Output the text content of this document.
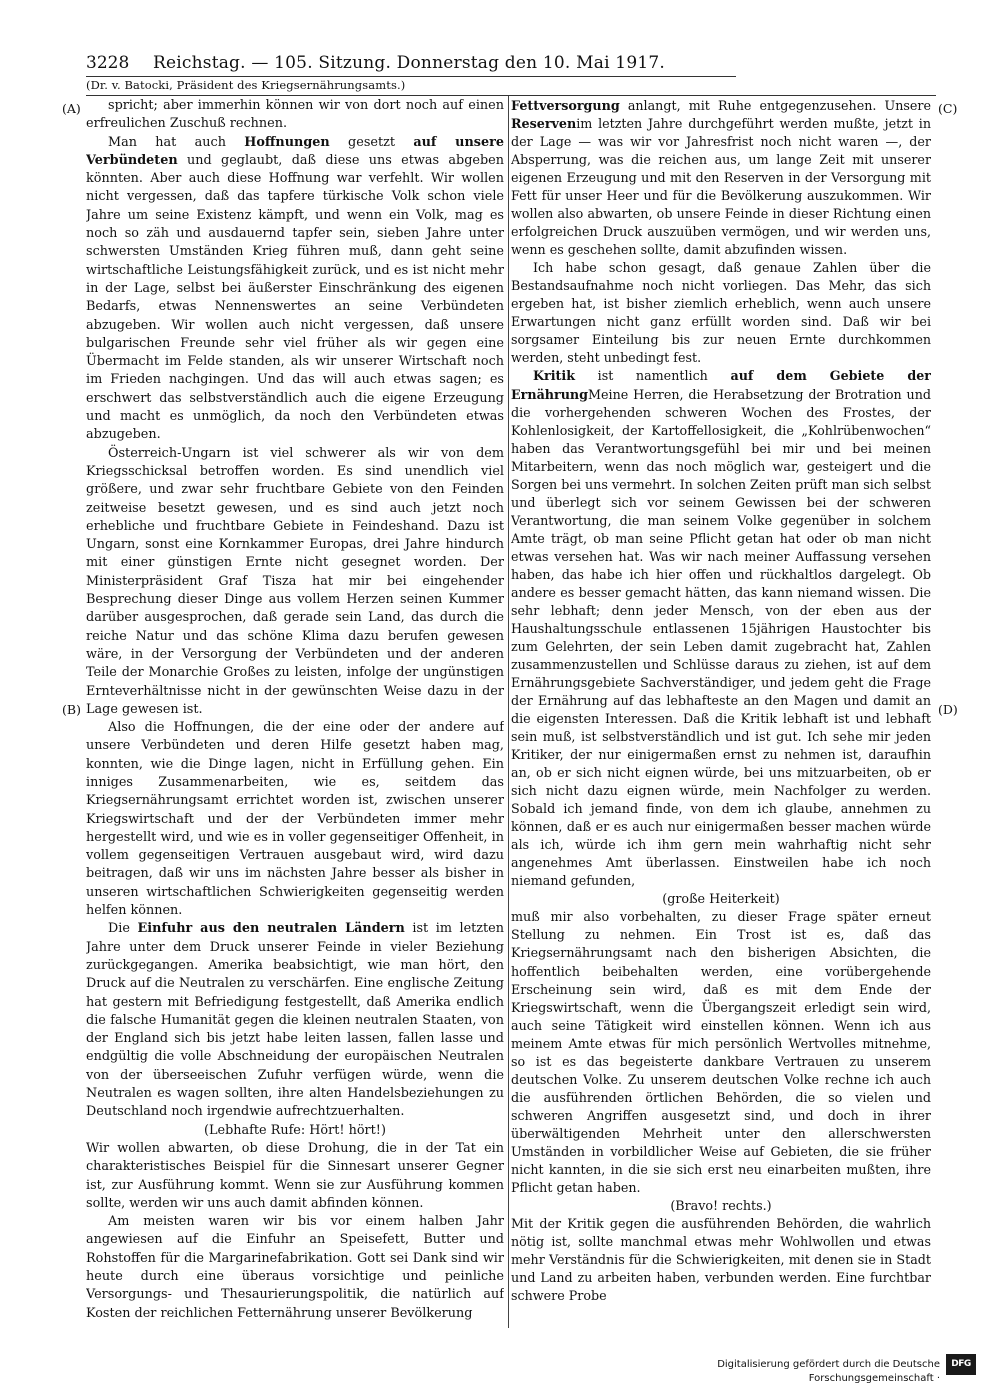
3228	Reichstag. — 105. Sitzung. Donnerstag den 10. Mai 1917.
(Dr. v. Batocki, Präsident des Kriegsernährungsamts.)
(A)
(B)
(C)
(D)

spricht; aber immerhin können wir von dort noch auf einen erfreulichen Zuschuß rechnen.

Man hat auch Hoffnungen gesetzt auf unsere Verbündeten und geglaubt, daß diese uns etwas abgeben könnten. Aber auch diese Hoffnung war verfehlt. Wir wollen nicht vergessen, daß das tapfere türkische Volk schon viele Jahre um seine Existenz kämpft, und wenn ein Volk, mag es noch so zäh und ausdauernd tapfer sein, sieben Jahre unter schwersten Umständen Krieg führen muß, dann geht seine wirtschaftliche Leistungsfähigkeit zurück, und es ist nicht mehr in der Lage, selbst bei äußerster Einschränkung des eigenen Bedarfs, etwas Nennenswertes an seine Verbündeten abzugeben. Wir wollen auch nicht vergessen, daß unsere bulgarischen Freunde sehr viel früher als wir gegen eine Übermacht im Felde standen, als wir unserer Wirtschaft noch im Frieden nachgingen. Und das will auch etwas sagen; es erschwert das selbstverständlich auch die eigene Erzeugung und macht es unmöglich, da noch den Verbündeten etwas abzugeben.

Österreich-Ungarn ist viel schwerer als wir von dem Kriegsschicksal betroffen worden. Es sind unendlich viel größere, und zwar sehr fruchtbare Gebiete von den Feinden zeitweise besetzt gewesen, und es sind auch jetzt noch erhebliche und fruchtbare Gebiete in Feindeshand. Dazu ist Ungarn, sonst eine Kornkammer Europas, drei Jahre hindurch mit einer günstigen Ernte nicht gesegnet worden. Der Ministerpräsident Graf Tisza hat mir bei eingehender Besprechung dieser Dinge aus vollem Herzen seinen Kummer darüber ausgesprochen, daß gerade sein Land, das durch die reiche Natur und das schöne Klima dazu berufen gewesen wäre, in der Versorgung der Verbündeten und der anderen Teile der Monarchie Großes zu leisten, infolge der ungünstigen Ernteverhältnisse nicht in der gewünschten Weise dazu in der Lage gewesen ist.

Also die Hoffnungen, die der eine oder der andere auf unsere Verbündeten und deren Hilfe gesetzt haben mag, konnten, wie die Dinge lagen, nicht in Erfüllung gehen. Ein inniges Zusammenarbeiten, wie es, seitdem das Kriegsernährungsamt errichtet worden ist, zwischen unserer Kriegswirtschaft und der der Verbündeten immer mehr hergestellt wird, und wie es in voller gegenseitiger Offenheit, in vollem gegenseitigen Vertrauen ausgebaut wird, wird dazu beitragen, daß wir uns im nächsten Jahre besser als bisher in unseren wirtschaftlichen Schwierigkeiten gegenseitig werden helfen können.

Die Einfuhr aus den neutralen Ländern ist im letzten Jahre unter dem Druck unserer Feinde in vieler Beziehung zurückgegangen. Amerika beabsichtigt, wie man hört, den Druck auf die Neutralen zu verschärfen. Eine englische Zeitung hat gestern mit Befriedigung festgestellt, daß Amerika endlich die falsche Humanität gegen die kleinen neutralen Staaten, von der England sich bis jetzt habe leiten lassen, fallen lasse und endgültig die volle Abschneidung der europäischen Neutralen von der überseeischen Zufuhr verfügen würde, wenn die Neutralen es wagen sollten, ihre alten Handelsbeziehungen zu Deutschland noch irgendwie aufrechtzuerhalten.

(Lebhafte Rufe: Hört! hört!)

Wir wollen abwarten, ob diese Drohung, die in der Tat ein charakteristisches Beispiel für die Sinnesart unserer Gegner ist, zur Ausführung kommt. Wenn sie zur Ausführung kommen sollte, werden wir uns auch damit abfinden können.

Am meisten waren wir bis vor einem halben Jahr angewiesen auf die Einfuhr an Speisefett, Butter und Rohstoffen für die Margarinefabrikation. Gott sei Dank sind wir heute durch eine überaus vorsichtige und peinliche Versorgungs- und Thesaurierungspolitik, die natürlich auf Kosten der reichlichen Fetternährung unserer Bevölkerung

Fettversorgung anlangt, mit Ruhe entgegenzusehen. Unsere Reservenim letzten Jahre durchgeführt werden mußte, jetzt in der Lage — was wir vor Jahresfrist noch nicht waren —, der Absperrung, was die reichen aus, um lange Zeit mit unserer eigenen Erzeugung und mit den Reserven in der Versorgung mit Fett für unser Heer und für die Bevölkerung auszukommen. Wir wollen also abwarten, ob unsere Feinde in dieser Richtung einen erfolgreichen Druck auszuüben vermögen, und wir werden uns, wenn es geschehen sollte, damit abzufinden wissen.

Ich habe schon gesagt, daß genaue Zahlen über die Bestandsaufnahme noch nicht vorliegen. Das Mehr, das sich ergeben hat, ist bisher ziemlich erheblich, wenn auch unsere Erwartungen nicht ganz erfüllt worden sind. Daß wir bei sorgsamer Einteilung bis zur neuen Ernte durchkommen werden, steht unbedingt fest.

Kritik ist namentlich auf dem Gebiete der ErnährungMeine Herren, die Herabsetzung der Brotration und die vorhergehenden schweren Wochen des Frostes, der Kohlenlosigkeit, der Kartoffellosigkeit, die „Kohlrübenwochen“ haben das Verantwortungsgefühl bei mir und bei meinen Mitarbeitern, wenn das noch möglich war, gesteigert und die Sorgen bei uns vermehrt. In solchen Zeiten prüft man sich selbst und überlegt sich vor seinem Gewissen bei der schweren Verantwortung, die man seinem Volke gegenüber in solchem Amte trägt, ob man seine Pflicht getan hat oder ob man nicht etwas versehen hat. Was wir nach meiner Auffassung versehen haben, das habe ich hier offen und rückhaltlos dargelegt. Ob andere es besser gemacht hätten, das kann niemand wissen. Die sehr lebhaft; denn jeder Mensch, von der eben aus der Haushaltungsschule entlassenen 15jährigen Haustochter bis zum Gelehrten, der sein Leben damit zugebracht hat, Zahlen zusammenzustellen und Schlüsse daraus zu ziehen, ist auf dem Ernährungsgebiete Sachverständiger, und jedem geht die Frage der Ernährung auf das lebhafteste an den Magen und damit an die eigensten Interessen. Daß die Kritik lebhaft ist und lebhaft sein muß, ist selbstverständlich und ist gut. Ich sehe mir jeden Kritiker, der nur einigermaßen ernst zu nehmen ist, daraufhin an, ob er sich nicht eignen würde, bei uns mitzuarbeiten, ob er sich nicht dazu eignen würde, mein Nachfolger zu werden. Sobald ich jemand finde, von dem ich glaube, annehmen zu können, daß er es auch nur einigermaßen besser machen würde als ich, würde ich ihm gern mein wahrhaftig nicht sehr angenehmes Amt überlassen. Einstweilen habe ich noch niemand gefunden,

(große Heiterkeit)

muß mir also vorbehalten, zu dieser Frage später erneut Stellung zu nehmen. Ein Trost ist es, daß das Kriegsernährungsamt nach den bisherigen Absichten, die hoffentlich beibehalten werden, eine vorübergehende Erscheinung sein wird, daß es mit dem Ende der Kriegswirtschaft, wenn die Übergangszeit erledigt sein wird, auch seine Tätigkeit wird einstellen können. Wenn ich aus meinem Amte etwas für mich persönlich Wertvolles mitnehme, so ist es das begeisterte dankbare Vertrauen zu unserem deutschen Volke. Zu unserem deutschen Volke rechne ich auch die ausführenden örtlichen Behörden, die so vielen und schweren Angriffen ausgesetzt sind, und doch in ihrer überwältigenden Mehrheit unter den allerschwersten Umständen in vorbildlicher Weise auf Gebieten, die sie früher nicht kannten, in die sie sich erst neu einarbeiten mußten, ihre Pflicht getan haben.

(Bravo! rechts.)

Mit der Kritik gegen die ausführenden Behörden, die wahrlich nötig ist, sollte manchmal etwas mehr Wohlwollen und etwas mehr Verständnis für die Schwierigkeiten, mit denen sie in Stadt und Land zu arbeiten haben, verbunden werden. Eine furchtbar schwere Probe

Digitalisierung gefördert durch die Deutsche Forschungsgemeinschaft ·
DFG
